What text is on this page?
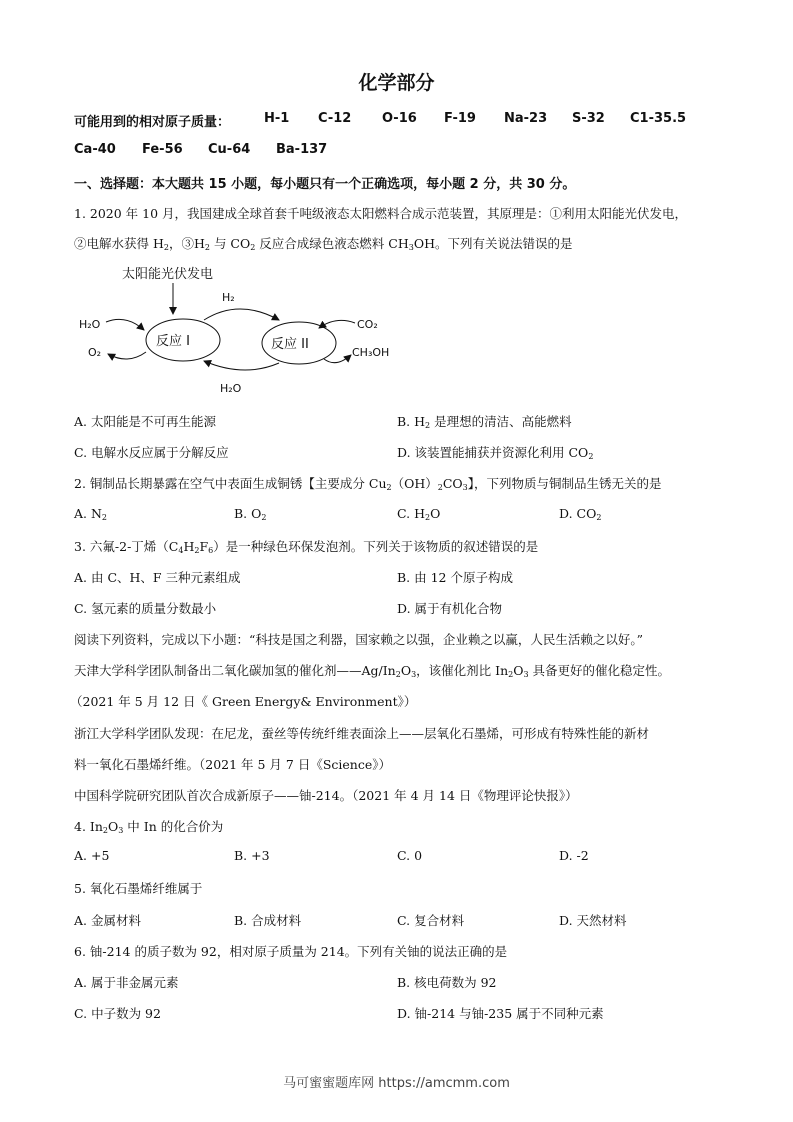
化学部分
可能用到的相对原子质量：	H-1 C-12 O-16 F-19 Na-23 S-32 C1-35.5
Ca-40 Fe-56 Cu-64 Ba-137
一、选择题：本大题共 15 小题，每小题只有一个正确选项，每小题 2 分，共 30 分。
1. 2020 年 10 月，我国建成全球首套千吨级液态太阳燃料合成示范装置，其原理是：①利用太阳能光伏发电，
②电解水获得 $H_2$，$③H_2$ 与 $CO_2$ 反应合成绿色液态燃料 $CH_3OH$。下列有关说法错误的是
太阳能光伏发电
反应 I	反应 II
H₂
H₂O
H₂O
O₂
CO₂
CH₃OH
A. 太阳能是不可再生能源	B. $H_2$ 是理想的清洁、高能燃料
C. 电解水反应属于分解反应	D. 该装置能捕获并资源化利用 $CO_2$
2. 铜制品长期暴露在空气中表面生成铜锈【主要成分 $Cu_2(OH)_2CO_3$】，下列物质与铜制品生锈无关的是
A. $N_2$	B. $O_2$	C. $H_2O$	D. $CO_2$
3. 六氟-2-丁烯$(C_4H_2F_6)$是一种绿色环保发泡剂。下列关于该物质的叙述错误的是
A. 由 C、H、F 三种元素组成	B. 由 12 个原子构成
C. 氢元素的质量分数最小	D. 属于有机化合物
阅读下列资料，完成以下小题：“科技是国之利器，国家赖之以强，企业赖之以赢，人民生活赖之以好。”
天津大学科学团队制备出二氧化碳加氢的催化剂$——Ag/In_2O_3$，该催化剂比 $In_2O_3$ 具备更好的催化稳定性。
（2021 年 5 月 12 日《 Green Energy& Environment》）
浙江大学科学团队发现：在尼龙，蚕丝等传统纤维表面涂上——层氧化石墨烯，可形成有特殊性能的新材
料一氧化石墨烯纤维。（2021 年 5 月 7 日《Science》）
中国科学院研究团队首次合成新原子——铀-214。（2021 年 4 月 14 日《物理评论快报》）
4. $In_2O_3$ 中 In 的化合价为
A. +5	B. +3	C. 0	D. -2
5. 氧化石墨烯纤维属于
A. 金属材料	B. 合成材料	C. 复合材料	D. 天然材料
6. 铀-214 的质子数为 92，相对原子质量为 214。下列有关铀的说法正确的是
A. 属于非金属元素	B. 核电荷数为 92
C. 中子数为 92	D. 铀-214 与铀-235 属于不同种元素
马可蜜蜜题库网 https://amcmm.com
